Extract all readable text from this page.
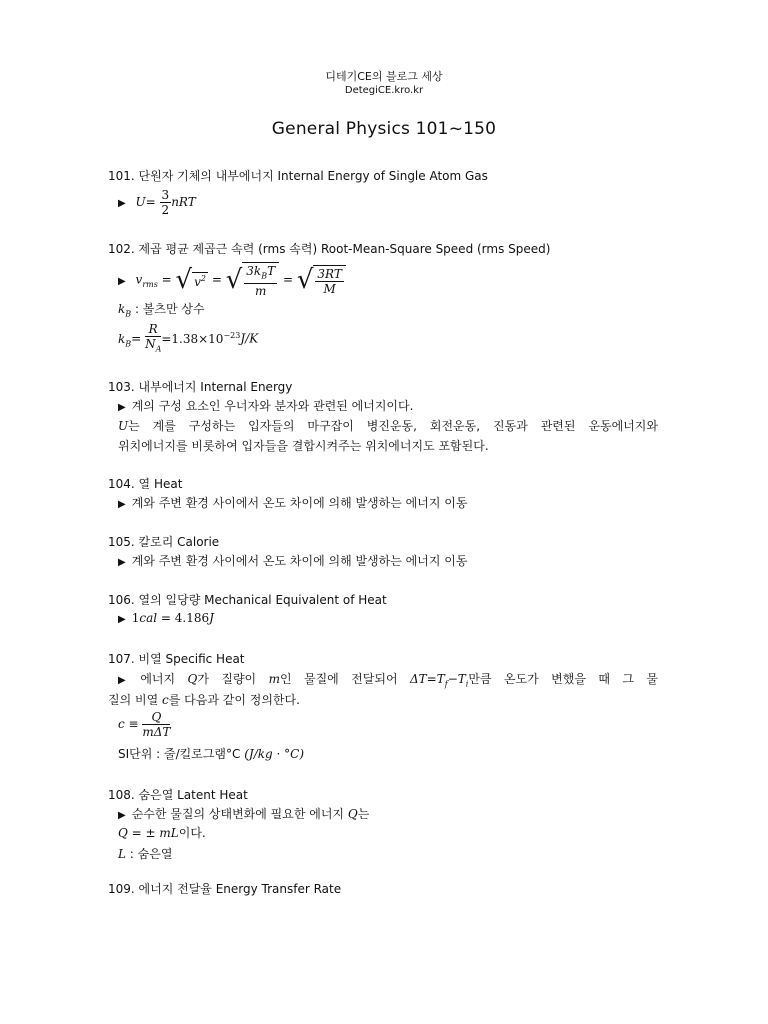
디테기CE의 블로그 세상
DetegiCE.kro.kr
General Physics 101~150
101. 단원자 기체의 내부에너지 Internal Energy of Single Atom Gas
▶ $U= \frac{3}{2}$ nRT
102. 제곱 평균 제곱근 속력 (rms 속력) Root-Mean-Square Speed (rms Speed)
▶ $v_{rms}$ = √ $v^2$ = √ $\frac{3k_BT}{m}$ = √ $\frac{3RT}{M}$
$k_B$ : 볼츠만 상수
$k_B= \frac{R}{N_A} =1.38\times 10^{-23}J/K$
103. 내부에너지 Internal Energy
▶ 계의 구성 요소인 우너자와 분자와 관련된 에너지이다.
U는 계를 구성하는 입자들의 마구잡이 병진운동, 회전운동, 진동과 관련된 운동에너지와
위치에너지를 비롯하여 입자들을 결합시켜주는 위치에너지도 포함된다.
104. 열 Heat
▶ 계와 주변 환경 사이에서 온도 차이에 의해 발생하는 에너지 이동
105. 칼로리 Calorie
▶ 계와 주변 환경 사이에서 온도 차이에 의해 발생하는 에너지 이동
106. 열의 일당량 Mechanical Equivalent of Heat
▶ 1cal = 4.186J
107. 비열 Specific Heat
▶ 에너지 Q가 질량이 m인 물질에 전달되어 $\Delta T=T_f-T_i$만큼 온도가 변했을 때 그 물
질의 비열 c를 다음과 같이 정의한다.
$c \equiv \frac{Q}{\text{mΔT}}$
SI단위 : 줄/킬로그램°C (J/kg · °C)
108. 숨은열 Latent Heat
▶ 순수한 물질의 상태변화에 필요한 에너지 Q는
Q = ± mL이다.
L : 숨은열
109. 에너지 전달율 Energy Transfer Rate
